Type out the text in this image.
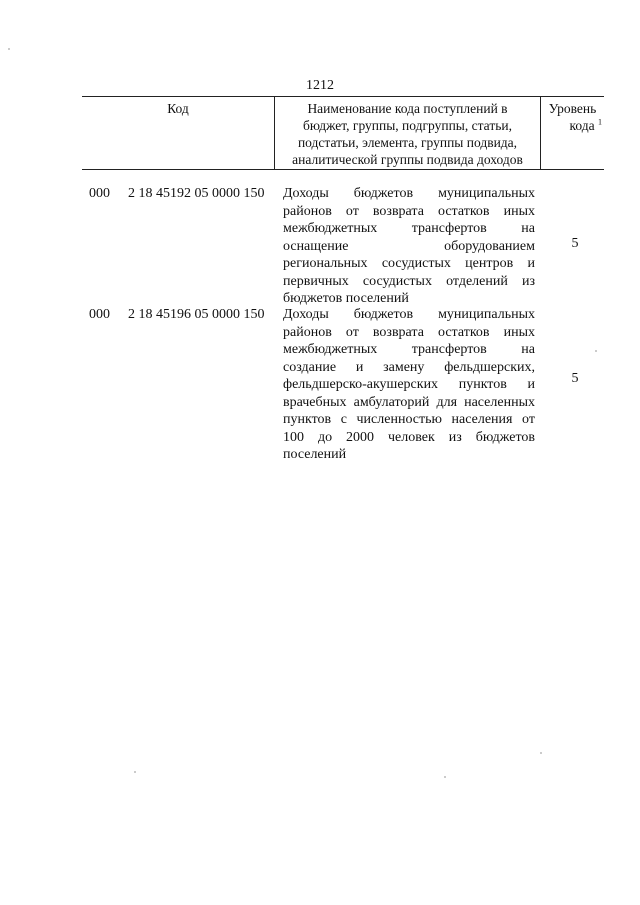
1212
Код	Наименование кода поступлений в
бюджет, группы, подгруппы, статьи,
подстатьи, элемента, группы подвида,
аналитической группы подвида доходов
Уровень
кода $^1$
000 2 18 45192 05 0000 150 Доходы бюджетов муниципальных
районов от возврата остатков иных
межбюджетных трансфертов на
оснащение оборудованием
региональных сосудистых центров и
первичных сосудистых отделений из
бюджетов поселений
5
000 2 18 45196 05 0000 150 Доходы бюджетов муниципальных
районов от возврата остатков иных
межбюджетных трансфертов на
создание и замену фельдшерских,
фельдшерско-акушерских пунктов и
врачебных амбулаторий для населенных
пунктов с численностью населения от
100 до 2000 человек из бюджетов
поселений
5
